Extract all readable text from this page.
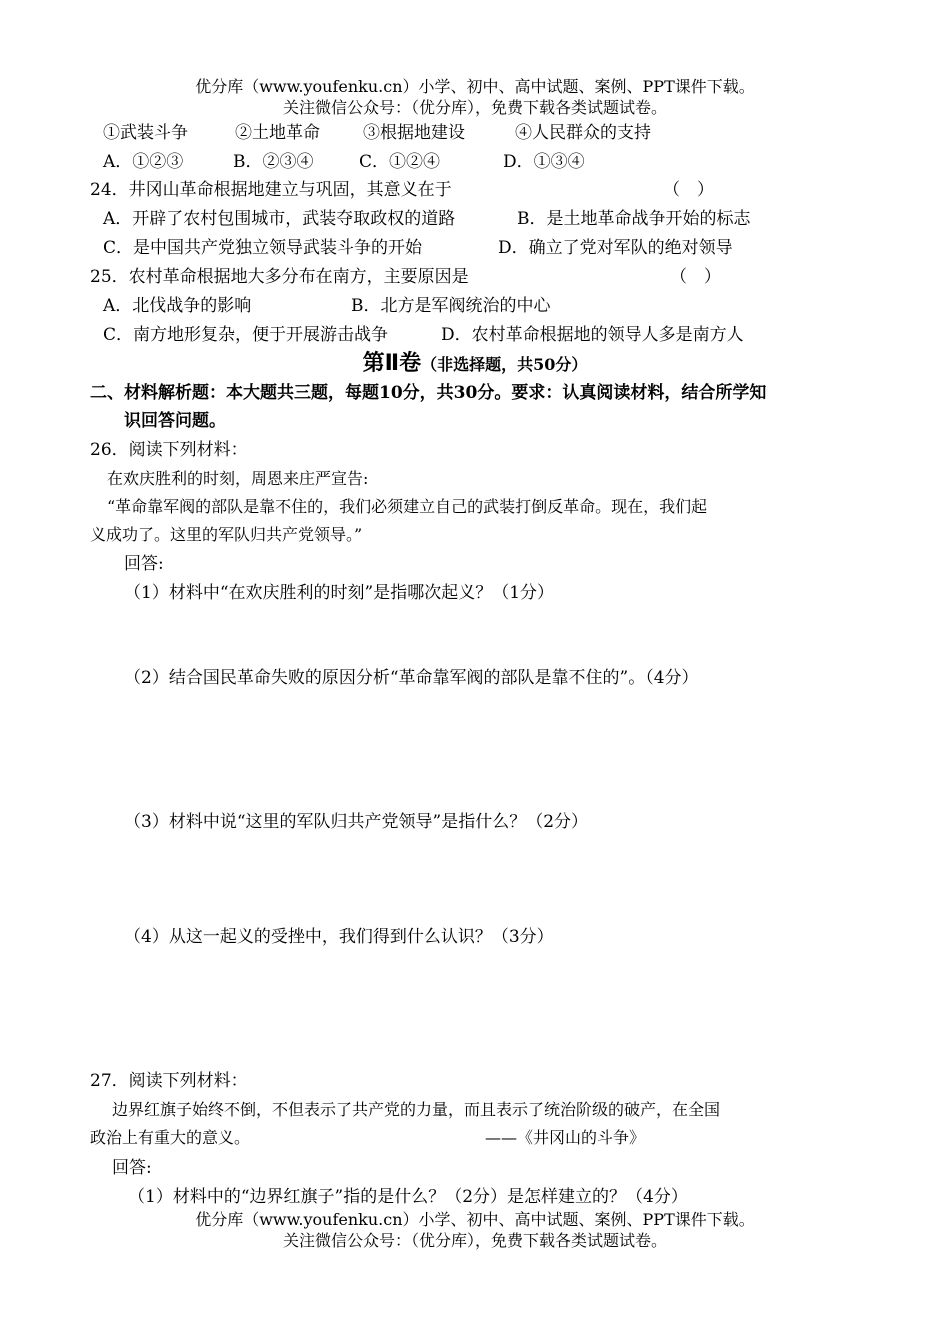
优分库（www.youfenku.cn）小学、初中、高中试题、案例、PPT课件下载。
关注微信公众号：（优分库），免费下载各类试题试卷。
①武装斗争	②土地革命	③根据地建设	④人民群众的支持
A．①②③	B．②③④	C．①②④	D．①③④
24．井冈山革命根据地建立与巩固，其意义在于	（　）
A．开辟了农村包围城市，武装夺取政权的道路	B．是土地革命战争开始的标志
C．是中国共产党独立领导武装斗争的开始	D．确立了党对军队的绝对领导
25．农村革命根据地大多分布在南方，主要原因是	（　）
A．北伐战争的影响	B．北方是军阀统治的中心
C．南方地形复杂，便于开展游击战争	D．农村革命根据地的领导人多是南方人
第Ⅱ卷（非选择题，共50分）
二、材料解析题：本大题共三题，每题10分，共30分。要求：认真阅读材料，结合所学知
识回答问题。
26．阅读下列材料：
在欢庆胜利的时刻，周恩来庄严宣告:
“革命靠军阀的部队是靠不住的，我们必须建立自己的武装打倒反革命。现在，我们起
义成功了。这里的军队归共产党领导。”
回答:
（1）材料中“在欢庆胜利的时刻”是指哪次起义？（1分）
（2）结合国民革命失败的原因分析“革命靠军阀的部队是靠不住的”。（4分）
（3）材料中说“这里的军队归共产党领导”是指什么？（2分）
（4）从这一起义的受挫中，我们得到什么认识？（3分）
27．阅读下列材料：
边界红旗子始终不倒，不但表示了共产党的力量，而且表示了统治阶级的破产，在全国
政治上有重大的意义。	——《井冈山的斗争》
回答:
（1）材料中的“边界红旗子”指的是什么？（2分）是怎样建立的？（4分）
优分库（www.youfenku.cn）小学、初中、高中试题、案例、PPT课件下载。
关注微信公众号：（优分库），免费下载各类试题试卷。
